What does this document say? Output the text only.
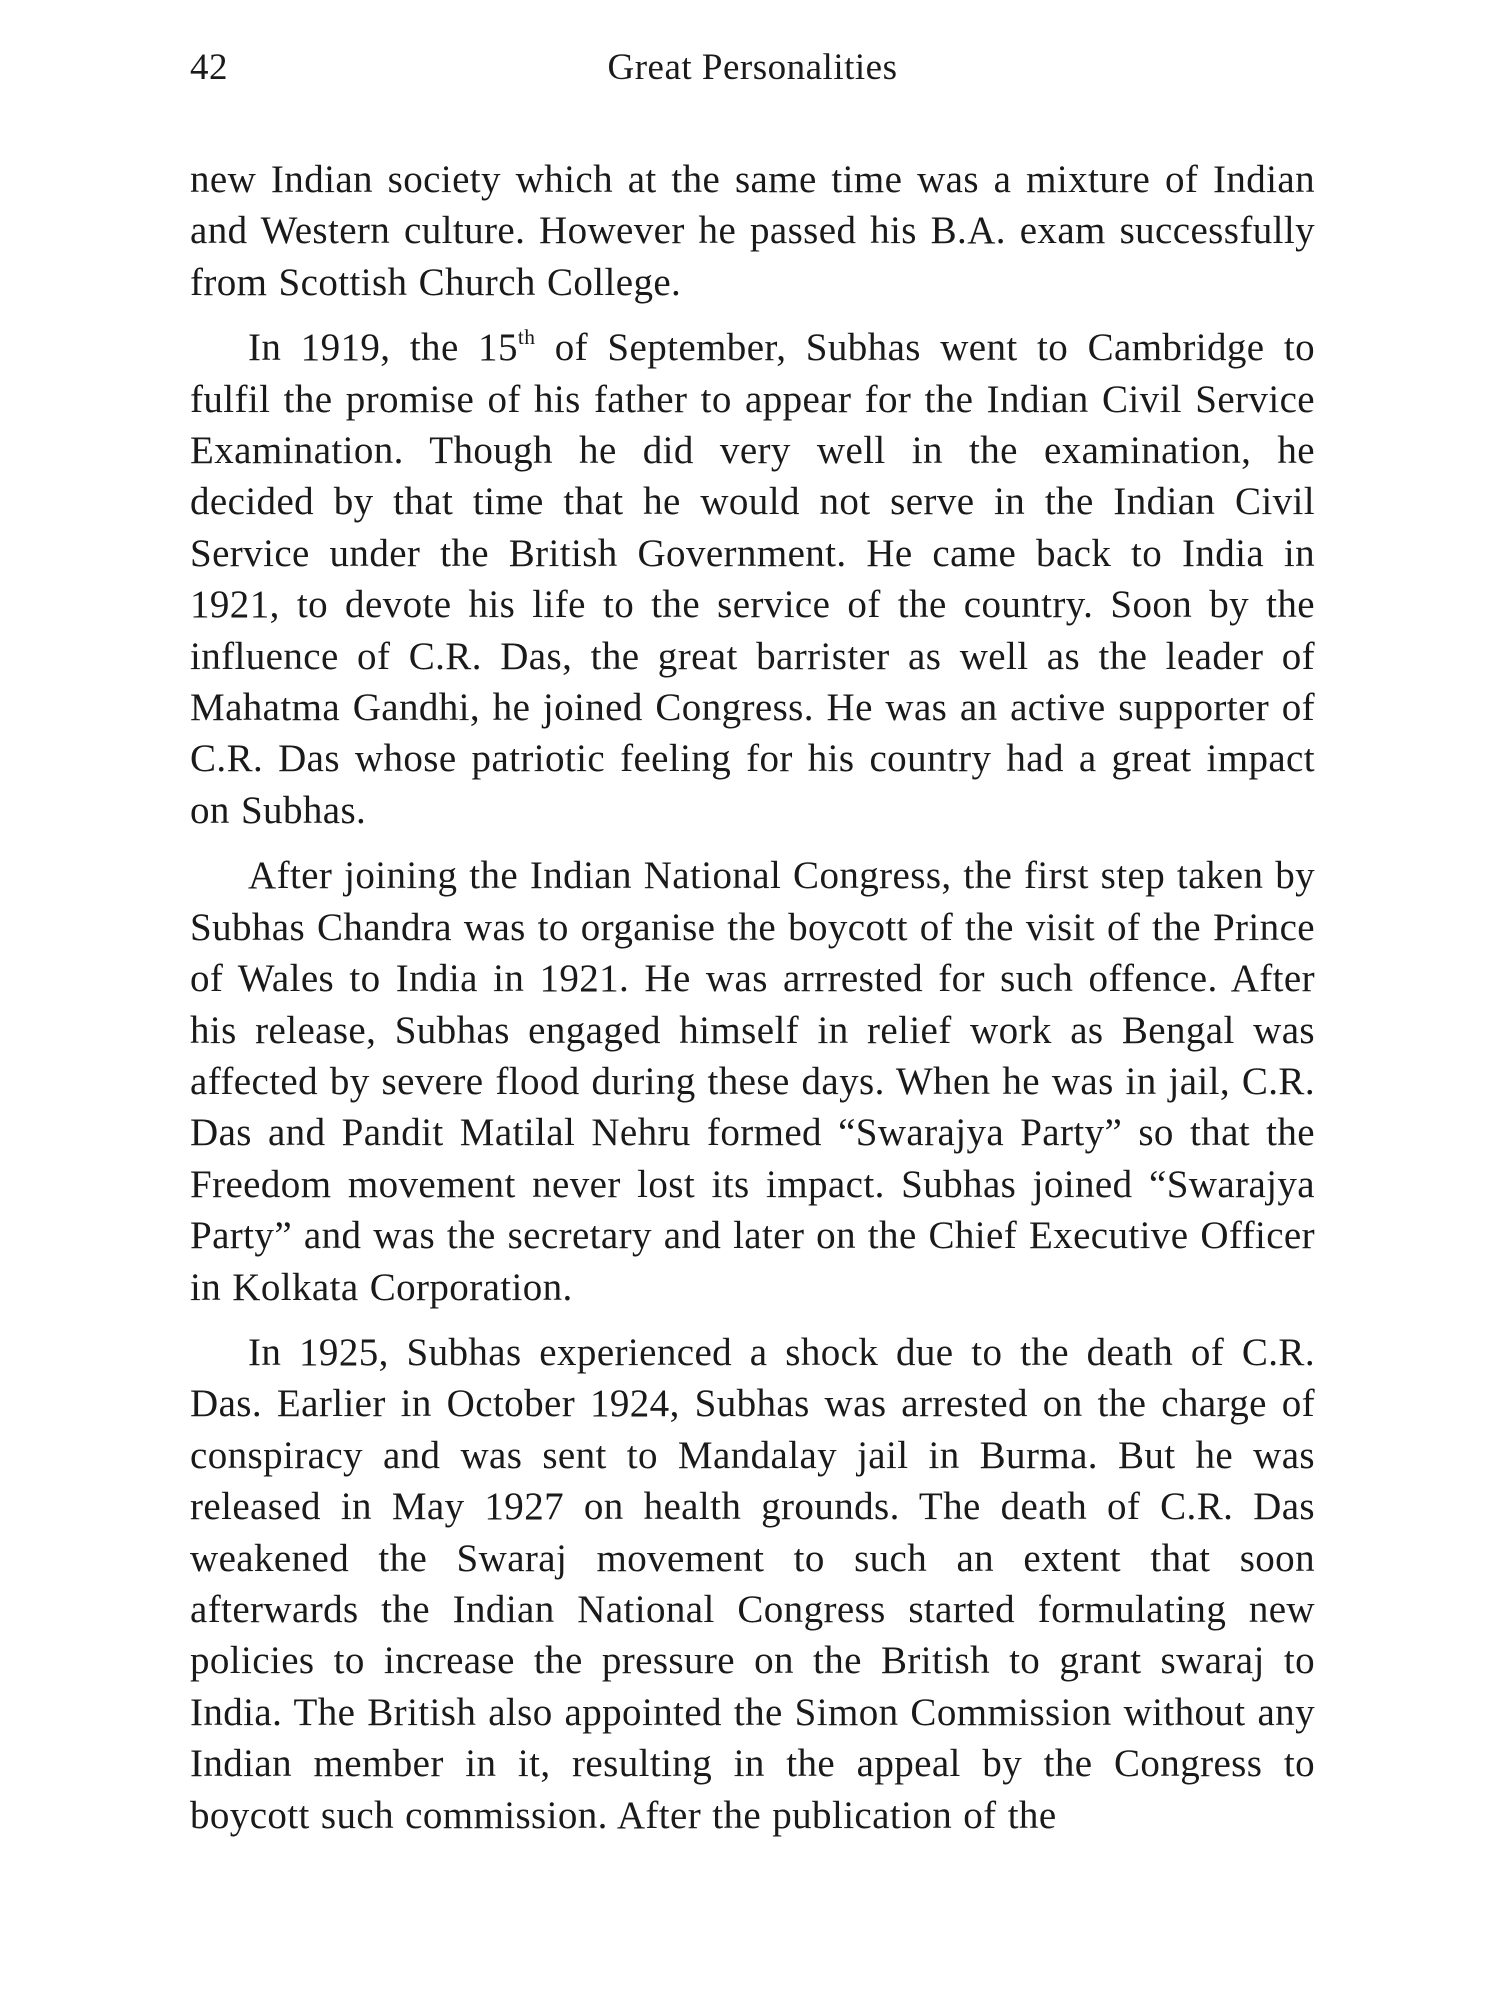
42	Great Personalities

new Indian society which at the same time was a mixture of Indian and Western culture. However he passed his B.A. exam successfully from Scottish Church College.

In 1919, the 15th of September, Subhas went to Cambridge to fulfil the promise of his father to appear for the Indian Civil Service Examination. Though he did very well in the examination, he decided by that time that he would not serve in the Indian Civil Service under the British Government. He came back to India in 1921, to devote his life to the service of the country. Soon by the influence of C.R. Das, the great barrister as well as the leader of Mahatma Gandhi, he joined Congress. He was an active supporter of C.R. Das whose patriotic feeling for his country had a great impact on Subhas.

After joining the Indian National Congress, the first step taken by Subhas Chandra was to organise the boycott of the visit of the Prince of Wales to India in 1921. He was arrrested for such offence. After his release, Subhas engaged himself in relief work as Bengal was affected by severe flood during these days. When he was in jail, C.R. Das and Pandit Matilal Nehru formed “Swarajya Party” so that the Freedom movement never lost its impact. Subhas joined “Swarajya Party” and was the secretary and later on the Chief Executive Officer in Kolkata Corporation.

In 1925, Subhas experienced a shock due to the death of C.R. Das. Earlier in October 1924, Subhas was arrested on the charge of conspiracy and was sent to Mandalay jail in Burma. But he was released in May 1927 on health grounds. The death of C.R. Das weakened the Swaraj movement to such an extent that soon afterwards the Indian National Congress started formulating new policies to increase the pressure on the British to grant swaraj to India. The British also appointed the Simon Commission without any Indian member in it, resulting in the appeal by the Congress to boycott such commission. After the publication of the
